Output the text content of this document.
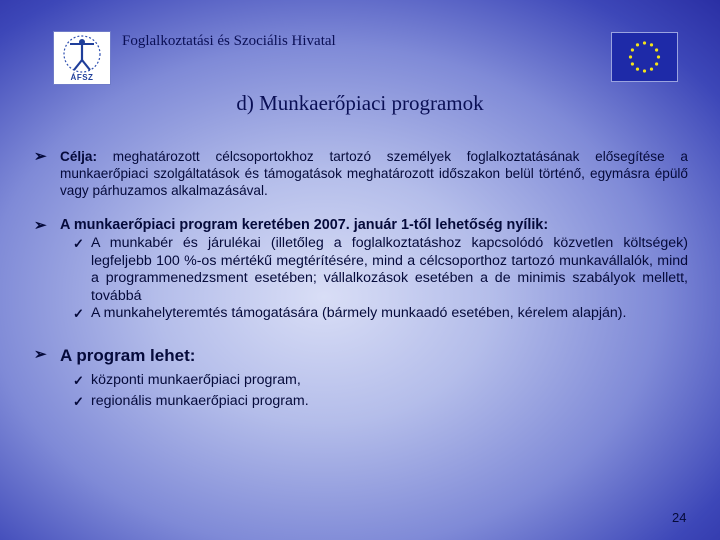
ÁFSZ
Foglalkoztatási és Szociális Hivatal
d) Munkaerőpiaci programok
➢ Célja: meghatározott célcsoportokhoz tartozó személyek foglalkoztatásának elősegítése a munkaerőpiaci szolgáltatások és támogatások meghatározott időszakon belül történő, egymásra épülő vagy párhuzamos alkalmazásával.
➢ A munkaerőpiaci program keretében 2007. január 1-től lehetőség nyílik:
✓ A munkabér és járulékai (illetőleg a foglalkoztatáshoz kapcsolódó közvetlen költségek) legfeljebb 100 %-os mértékű megtérítésére, mind a célcsoporthoz tartozó munkavállalók, mind a programmenedzsment esetében; vállalkozások esetében a de minimis szabályok mellett, továbbá
✓ A munkahelyteremtés támogatására (bármely munkaadó esetében, kérelem alapján).
➢ A program lehet:
✓ központi munkaerőpiaci program,
✓ regionális munkaerőpiaci program.
24
